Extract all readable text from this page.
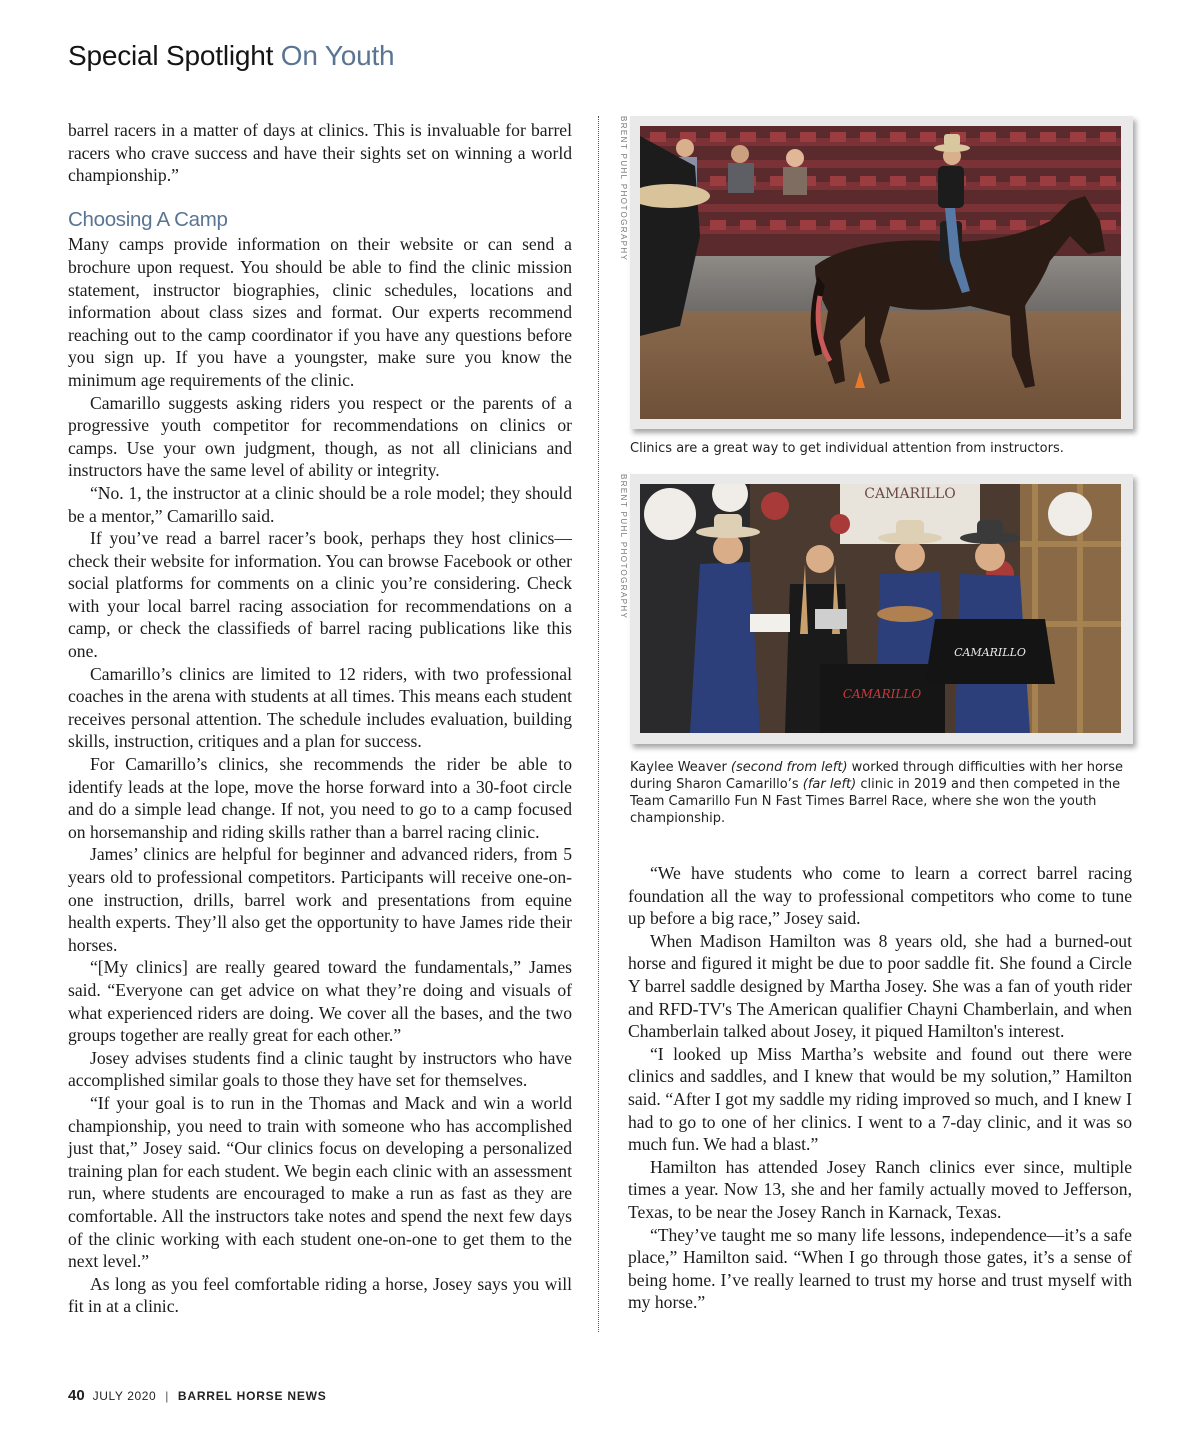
Special Spotlight On Youth

barrel racers in a matter of days at clinics. This is invaluable for barrel racers who crave success and have their sights set on winning a world championship.”

Choosing A Camp

Many camps provide information on their website or can send a brochure upon request. You should be able to find the clinic mission statement, instructor biographies, clinic schedules, locations and information about class sizes and format. Our experts recommend reaching out to the camp coordinator if you have any questions before you sign up. If you have a youngster, make sure you know the minimum age requirements of the clinic.

Camarillo suggests asking riders you respect or the parents of a progressive youth competitor for recommendations on clinics or camps. Use your own judgment, though, as not all clinicians and instructors have the same level of ability or integrity.

“No. 1, the instructor at a clinic should be a role model; they should be a mentor,” Camarillo said.

If you’ve read a barrel racer’s book, perhaps they host clinics—check their website for information. You can browse Facebook or other social platforms for comments on a clinic you’re considering. Check with your local barrel racing association for recommendations on a camp, or check the classifieds of barrel racing publications like this one.

Camarillo’s clinics are limited to 12 riders, with two professional coaches in the arena with students at all times. This means each student receives personal attention. The schedule includes evaluation, building skills, instruction, critiques and a plan for success.

For Camarillo’s clinics, she recommends the rider be able to identify leads at the lope, move the horse forward into a 30-foot circle and do a simple lead change. If not, you need to go to a camp focused on horsemanship and riding skills rather than a barrel racing clinic.

James’ clinics are helpful for beginner and advanced riders, from 5 years old to professional competitors. Participants will receive one-on-one instruction, drills, barrel work and presentations from equine health experts. They’ll also get the opportunity to have James ride their horses.

“[My clinics] are really geared toward the fundamentals,” James said. “Everyone can get advice on what they’re doing and visuals of what experienced riders are doing. We cover all the bases, and the two groups together are really great for each other.”

Josey advises students find a clinic taught by instructors who have accomplished similar goals to those they have set for themselves.

“If your goal is to run in the Thomas and Mack and win a world championship, you need to train with someone who has accomplished just that,” Josey said. “Our clinics focus on developing a personalized training plan for each student. We begin each clinic with an assessment run, where students are encouraged to make a run as fast as they are comfortable. All the instructors take notes and spend the next few days of the clinic working with each student one-on-one to get them to the next level.”

As long as you feel comfortable riding a horse, Josey says you will fit in at a clinic.

BRENT PUHL PHOTOGRAPHY
Clinics are a great way to get individual attention from instructors.
BRENT PUHL PHOTOGRAPHY	CAMARILLO
CAMARILLO
CAMARILLO
Kaylee Weaver (second from left) worked through difficulties with her horse during Sharon Camarillo’s (far left) clinic in 2019 and then competed in the Team Camarillo Fun N Fast Times Barrel Race, where she won the youth championship.

“We have students who come to learn a correct barrel racing foundation all the way to professional competitors who come to tune up before a big race,” Josey said.

When Madison Hamilton was 8 years old, she had a burned-out horse and figured it might be due to poor saddle fit. She found a Circle Y barrel saddle designed by Martha Josey. She was a fan of youth rider and RFD-TV's The American qualifier Chayni Chamberlain, and when Chamberlain talked about Josey, it piqued Hamilton's interest.

“I looked up Miss Martha’s website and found out there were clinics and saddles, and I knew that would be my solution,” Hamilton said. “After I got my saddle my riding improved so much, and I knew I had to go to one of her clinics. I went to a 7-day clinic, and it was so much fun. We had a blast.”

Hamilton has attended Josey Ranch clinics ever since, multiple times a year. Now 13, she and her family actually moved to Jefferson, Texas, to be near the Josey Ranch in Karnack, Texas.

“They’ve taught me so many life lessons, independence—it’s a safe place,” Hamilton said. “When I go through those gates, it’s a sense of being home. I’ve really learned to trust my horse and trust myself with my horse.”

40 JULY 2020 | BARREL HORSE NEWS
